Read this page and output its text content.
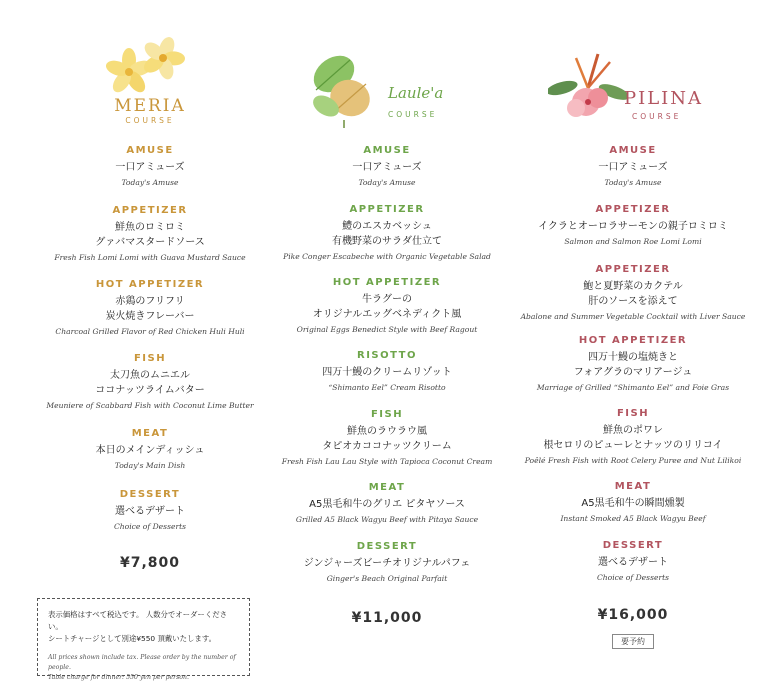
MERIA
COURSE
AMUSE
一口アミューズ
Today's Amuse
APPETIZER
鮮魚のロミロミ
グァバマスタードソース
Fresh Fish Lomi Lomi with Guava Mustard Sauce
HOT APPETIZER
赤鶏のフリフリ
炭火焼きフレーバー
Charcoal Grilled Flavor of Red Chicken Huli Huli
FISH
太刀魚のムニエル
ココナッツライムバター
Meuniere of Scabbard Fish with Coconut Lime Butter
MEAT
本日のメインディッシュ
Today's Main Dish
DESSERT
選べるデザート
Choice of Desserts
¥7,800
Laule'a
COURSE
AMUSE
一口アミューズ
Today's Amuse
APPETIZER
鱧のエスカベッシュ
有機野菜のサラダ仕立て
Pike Conger Escabeche with Organic Vegetable Salad
HOT APPETIZER
牛ラグーの
オリジナルエッグベネディクト風
Original Eggs Benedict Style with Beef Ragout
RISOTTO
四万十鰻のクリームリゾット
“Shimanto Eel” Cream Risotto
FISH
鮮魚のラウラウ風
タピオカココナッツクリーム
Fresh Fish Lau Lau Style with Tapioca Coconut Cream
MEAT
A5黒毛和牛のグリエ ピタヤソース
Grilled A5 Black Wagyu Beef with Pitaya Sauce
DESSERT
ジンジャーズビーチオリジナルパフェ
Ginger's Beach Original Parfait
¥11,000
PILINA
COURSE
AMUSE
一口アミューズ
Today's Amuse
APPETIZER
イクラとオーロラサーモンの親子ロミロミ
Salmon and Salmon Roe Lomi Lomi
APPETIZER
鮑と夏野菜のカクテル
肝のソースを添えて
Abalone and Summer Vegetable Cocktail with Liver Sauce
HOT APPETIZER
四万十鰻の塩焼きと
フォアグラのマリアージュ
Marriage of Grilled “Shimanto Eel” and Foie Gras
FISH
鮮魚のポワレ
根セロリのピューレとナッツのリリコイ
Poêlé Fresh Fish with Root Celery Puree and Nut Lilikoi
MEAT
A5黒毛和牛の瞬間燻製
Instant Smoked A5 Black Wagyu Beef
DESSERT
選べるデザート
Choice of Desserts
¥16,000
要予約
表示価格はすべて税込です。 人数分でオーダーください。
シートチャージとして別途¥550 頂戴いたします。
All prices shown include tax. Please order by the number of people.
Table charge for dinner: 550 yen per person.
